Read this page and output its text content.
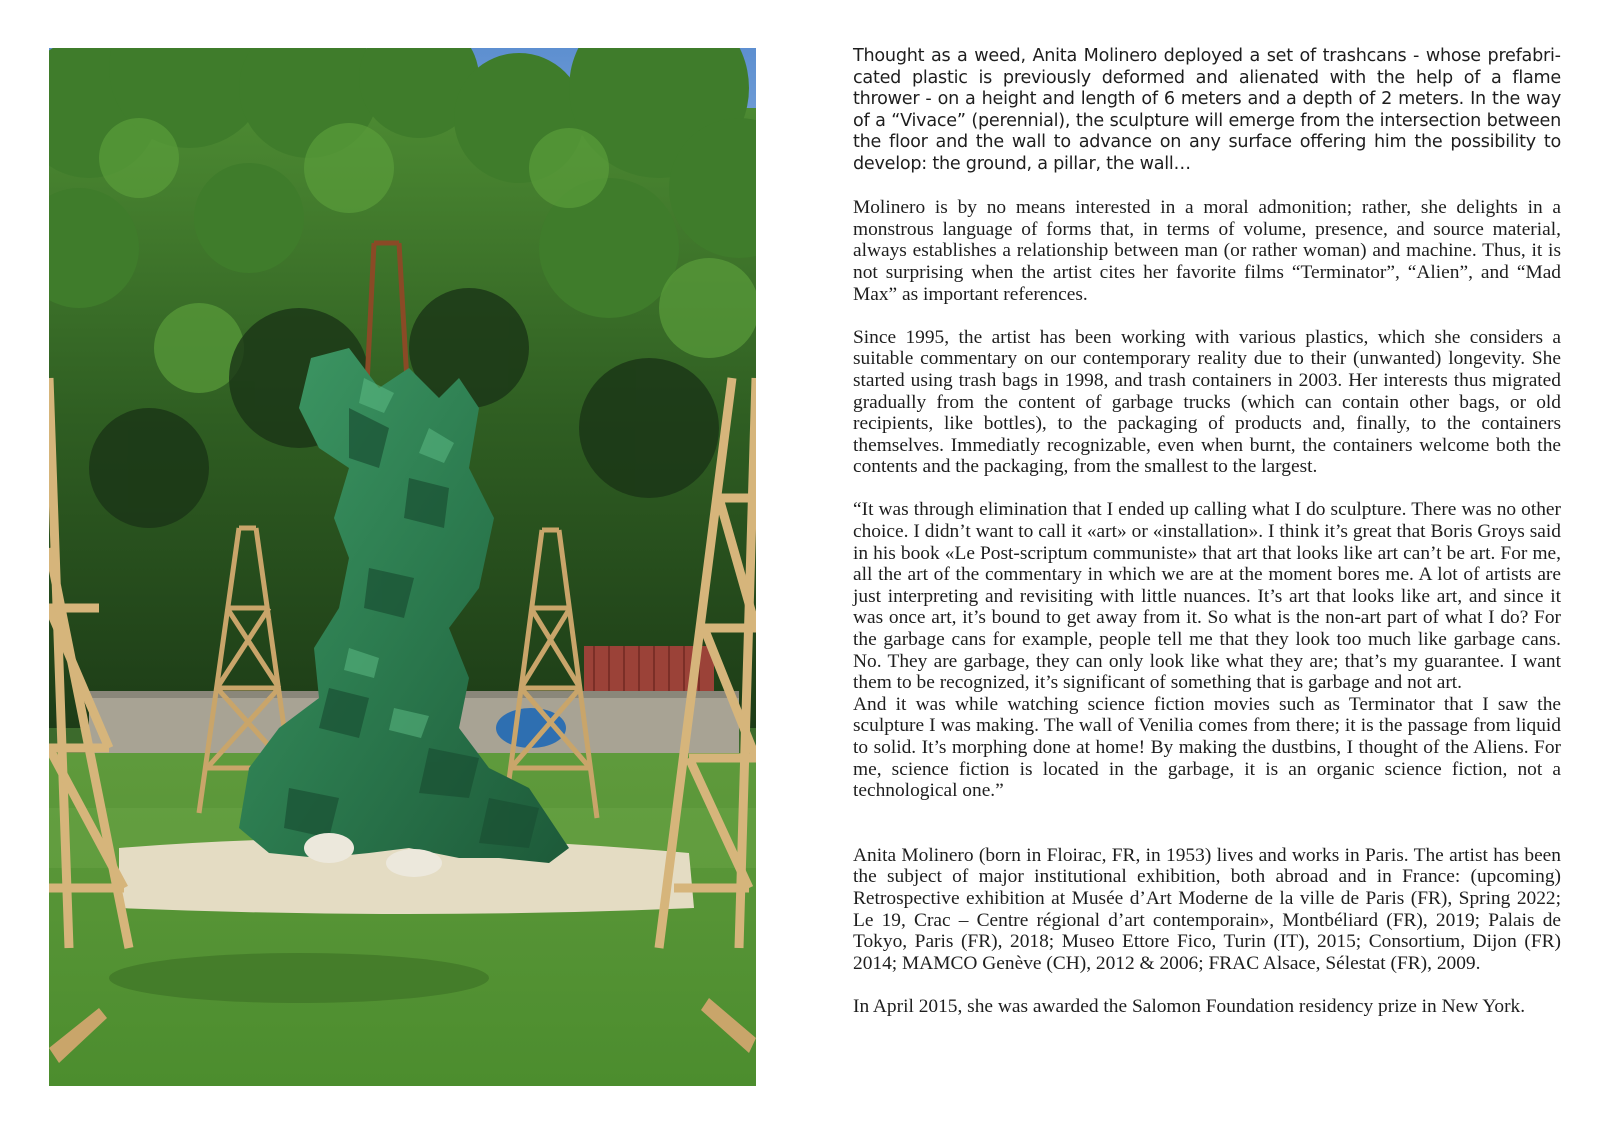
Thought as a weed, Anita Molinero deployed a set of trashcans - whose prefabricated plastic is previously deformed and alienated with the help of a flame thrower - on a height and length of 6 meters and a depth of 2 meters. In the way of a “Vivace” (perennial), the sculpture will emerge from the intersection between the floor and the wall to advance on any surface offering him the possibility to develop: the ground, a pillar, the wall…

Molinero is by no means interested in a moral admonition; rather, she delights in a monstrous language of forms that, in terms of volume, presence, and source material, always establishes a relationship between man (or rather woman) and machine. Thus, it is not surprising when the artist cites her favorite films “Terminator”, “Alien”, and “Mad Max” as important references.

Since 1995, the artist has been working with various plastics, which she considers a suitable commentary on our contemporary reality due to their (unwanted) longevity. She started using trash bags in 1998, and trash containers in 2003. Her interests thus migrated gradually from the content of garbage trucks (which can contain other bags, or old recipients, like bottles), to the packaging of products and, finally, to the containers themselves. Immediatly recognizable, even when burnt, the containers welcome both the contents and the packaging, from the smallest to the largest.

“It was through elimination that I ended up calling what I do sculpture. There was no other choice. I didn’t want to call it «art» or «installation». I think it’s great that Boris Groys said in his book «Le Post-scriptum communiste» that art that looks like art can’t be art. For me, all the art of the commentary in which we are at the moment bores me. A lot of artists are just interpreting and revisiting with little nuances. It’s art that looks like art, and since it was once art, it’s bound to get away from it. So what is the non-art part of what I do? For the garbage cans for example, people tell me that they look too much like garbage cans. No. They are garbage, they can only look like what they are; that’s my guarantee. I want them to be recognized, it’s significant of something that is garbage and not art.

And it was while watching science fiction movies such as Terminator that I saw the sculpture I was making. The wall of Venilia comes from there; it is the passage from liquid to solid. It’s morphing done at home! By making the dustbins, I thought of the Aliens. For me, science fiction is located in the garbage, it is an organic science fiction, not a technological one.”

Anita Molinero (born in Floirac, FR, in 1953) lives and works in Paris. The artist has been the subject of major institutional exhibition, both abroad and in France: (upcoming) Retrospective exhibition at Musée d’Art Moderne de la ville de Paris (FR), Spring 2022; Le 19, Crac – Centre régional d’art contemporain», Montbéliard (FR), 2019; Palais de Tokyo, Paris (FR), 2018; Museo Ettore Fico, Turin (IT), 2015; Consortium, Dijon (FR) 2014; MAMCO Genève (CH), 2012 & 2006; FRAC Alsace, Sélestat (FR), 2009.

In April 2015, she was awarded the Salomon Foundation residency prize in New York.
